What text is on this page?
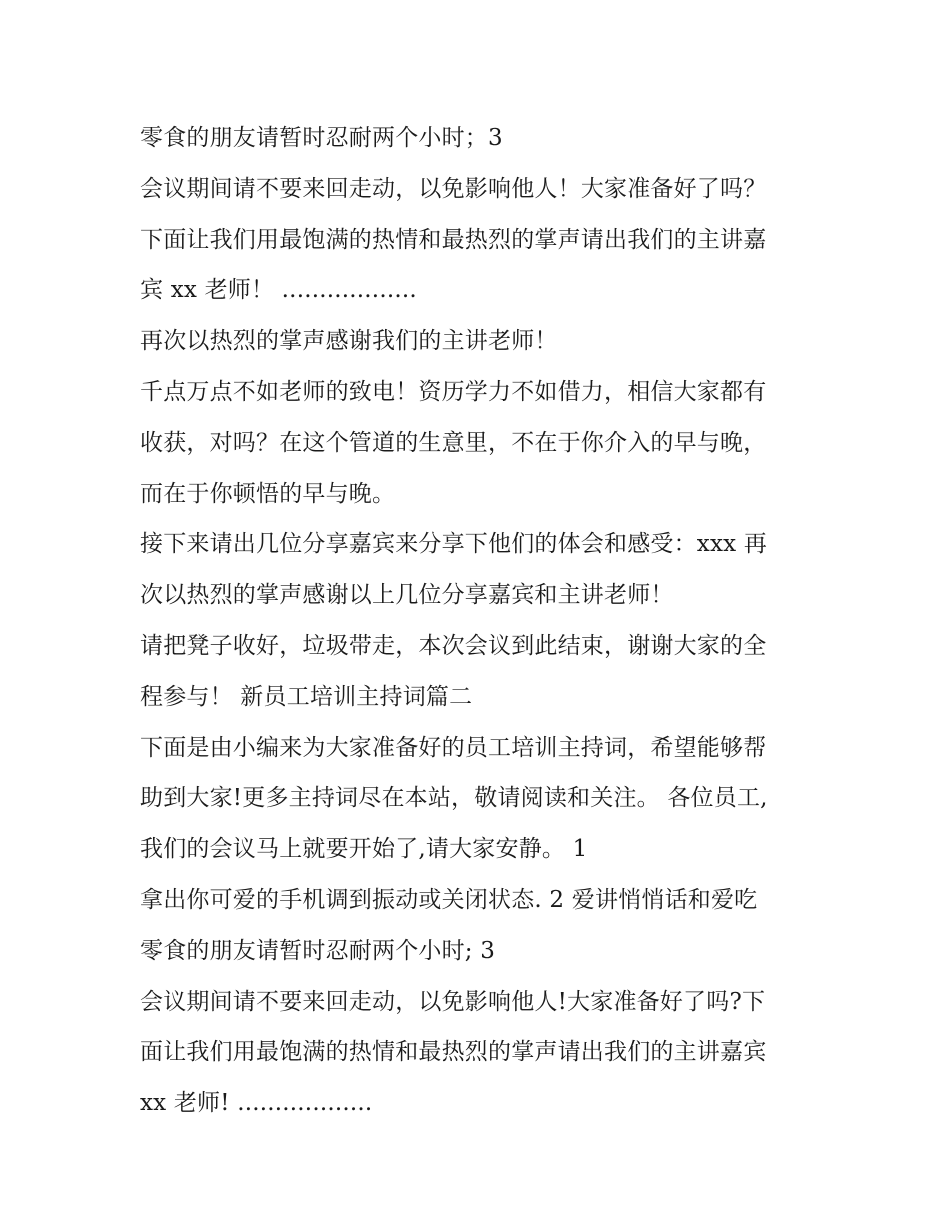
零食的朋友请暂时忍耐两个小时；3
会议期间请不要来回走动，以免影响他人！大家准备好了吗？
下面让我们用最饱满的热情和最热烈的掌声请出我们的主讲嘉
宾 xx 老师！ ..................
再次以热烈的掌声感谢我们的主讲老师！
千点万点不如老师的致电！资历学力不如借力，相信大家都有
收获，对吗？在这个管道的生意里，不在于你介入的早与晚，
而在于你顿悟的早与晚。
接下来请出几位分享嘉宾来分享下他们的体会和感受：xxx 再
次以热烈的掌声感谢以上几位分享嘉宾和主讲老师！
请把凳子收好，垃圾带走，本次会议到此结束，谢谢大家的全
程参与！ 新员工培训主持词篇二
下面是由小编来为大家准备好的员工培训主持词，希望能够帮
助到大家!更多主持词尽在本站，敬请阅读和关注。 各位员工,
我们的会议马上就要开始了,请大家安静。 1
拿出你可爱的手机调到振动或关闭状态. 2 爱讲悄悄话和爱吃
零食的朋友请暂时忍耐两个小时; 3
会议期间请不要来回走动，以免影响他人!大家准备好了吗?下
面让我们用最饱满的热情和最热烈的掌声请出我们的主讲嘉宾
xx 老师! ..................
